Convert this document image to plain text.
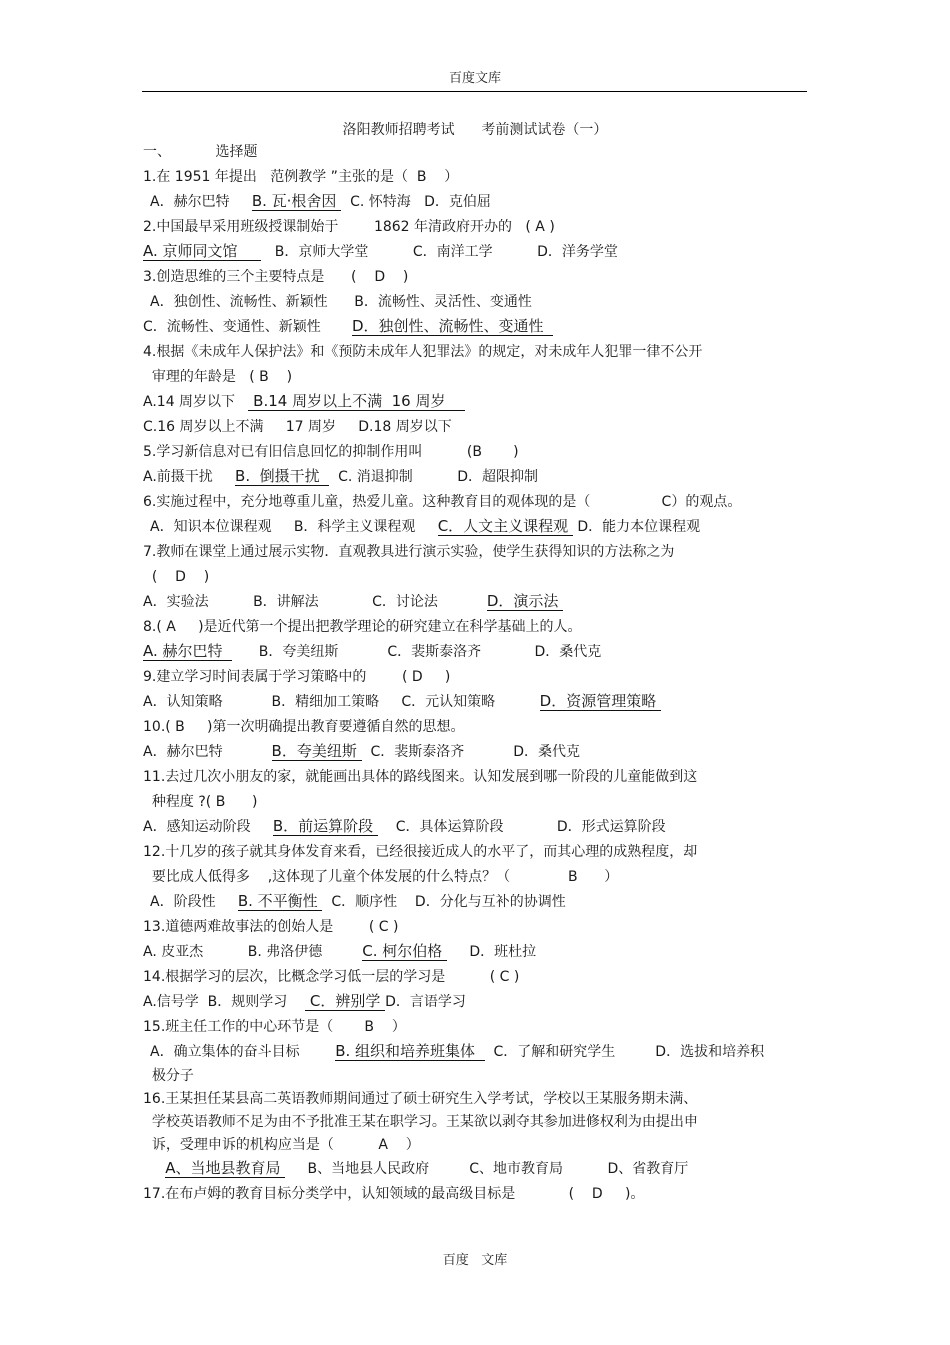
百度文库
洛阳教师招聘考试      考前测试试卷（一）
一、          选择题
1.在 1951 年提出   范例教学 ”主张的是（  B    ）
A．赫尔巴特     B. 瓦·根舍因   C. 怀特海   D．克伯屈
2.中国最早采用班级授课制始于        1862 年清政府开办的   ( A )
A. 京师同文馆        B．京师大学堂          C．南洋工学          D．洋务学堂
3.创造思维的三个主要特点是      (    D    )
A．独创性、流畅性、新颖性      B．流畅性、灵活性、变通性
C．流畅性、变通性、新颖性       D．独创性、流畅性、变通性
4.根据《未成年人保护法》和《预防未成年人犯罪法》的规定，对未成年人犯罪一律不公开
审理的年龄是   ( B    )
A.14 周岁以下    B.14 周岁以上不满  16 周岁
C.16 周岁以上不满     17 周岁     D.18 周岁以下
5.学习新信息对已有旧信息回忆的抑制作用叫          (B       )
A.前摄干扰     B.  倒摄干扰    C. 消退抑制          D．超限抑制
6.实施过程中，充分地尊重儿童，热爱儿童。这种教育目的观体现的是（                C）的观点。
A．知识本位课程观     B．科学主义课程观     C．人文主义课程观  D．能力本位课程观
7.教师在课堂上通过展示实物．直观教具进行演示实验，使学生获得知识的方法称之为
(    D    )
A．实验法          B．讲解法            C．讨论法           D．演示法
8.( A     )是近代第一个提出把教学理论的研究建立在科学基础上的人。
A. 赫尔巴特        B．夸美纽斯           C．裴斯泰洛齐            D．桑代克
9.建立学习时间表属于学习策略中的        ( D     )
A．认知策略           B．精细加工策略     C．元认知策略          D．资源管理策略
10.( B     )第一次明确提出教育要遵循自然的思想。
A．赫尔巴特           B．夸美纽斯   C．裴斯泰洛齐           D．桑代克
11.去过几次小朋友的家，就能画出具体的路线图来。认知发展到哪一阶段的儿童能做到这
种程度 ?( B      )
A．感知运动阶段     B．前运算阶段     C．具体运算阶段            D．形式运算阶段
12.十几岁的孩子就其身体发育来看，已经很接近成人的水平了，而其心理的成熟程度，却
要比成人低得多    ,这体现了儿童个体发展的什么特点？（             B      ）
A．阶段性     B. 不平衡性   C．顺序性    D．分化与互补的协调性
13.道德两难故事法的创始人是        ( C )
A. 皮亚杰          B. 弗洛伊德         C. 柯尔伯格      D．班杜拉
14.根据学习的层次，比概念学习低一层的学习是          ( C )
A.信号学  B．规则学习     C．辨别学 D．言语学习
15.班主任工作的中心环节是（       B    ）
A．确立集体的奋斗目标        B. 组织和培养班集体    C．了解和研究学生         D．选拔和培养积
极分子
16.王某担任某县高二英语教师期间通过了硕士研究生入学考试，学校以王某服务期未满、
学校英语教师不足为由不予批准王某在职学习。王某欲以剥夺其参加进修权利为由提出申
诉，受理申诉的机构应当是（          A    ）
A、当地县教育局      B、当地县人民政府         C、地市教育局          D、省教育厅
17.在布卢姆的教育目标分类学中，认知领域的最高级目标是            (    D     )。
百度   文库
